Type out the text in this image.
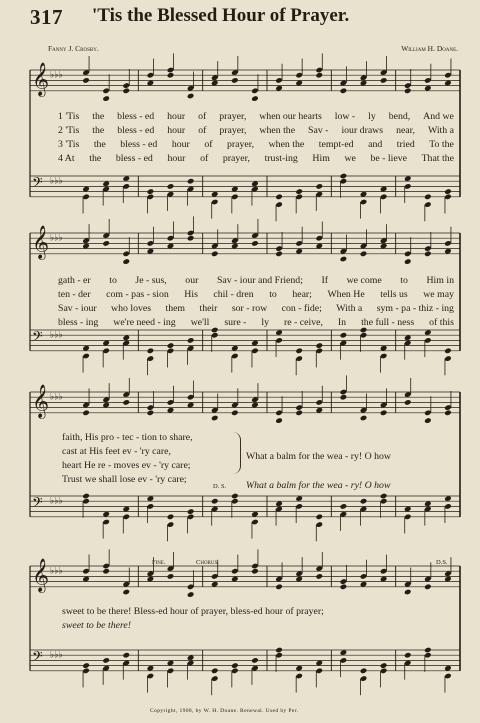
317 'Tis the Blessed Hour of Prayer.
Fanny J. Crosby.	William H. Doane.
𝄞 ♭♭♭
𝄢 ♭♭♭
𝄞 ♭♭♭
𝄢 ♭♭♭
𝄞 ♭♭♭
𝄢 ♭♭♭
𝄞 ♭♭♭
𝄢 ♭♭♭
1 'Tis the bless - ed hour of prayer, when our hearts low - ly bend, And we
2 'Tis the bless - ed hour of prayer, when the Sav - iour draws near, With a
3 'Tis the bless - ed hour of prayer, when the tempt-ed and tried To the
4 At the bless - ed hour of prayer, trust-ing Him we be - lieve That the
gath - er to Je - sus, our Sav - iour and Friend; If we come to Him in
ten - der com - pas - sion His chil - dren to hear; When He tells us we may
Sav - iour who loves them their sor - row con - fide; With a sym - pa - thiz - ing
bless - ing we're need - ing we'll sure - ly re - ceive, In the full - ness of this
faith, His pro - tec - tion to share,
cast at His feet ev - 'ry care,
heart He re - moves ev - 'ry care;
Trust we shall lose ev - 'ry care;
What a balm for the wea - ry! O how
D. S. What a balm for the wea - ry! O how
Fine.	Chorus.	D.S.
sweet to be there! Bless-ed hour of prayer, bless-ed hour of prayer;
sweet to be there!
Copyright, 1908, by W. H. Doane. Renewal. Used by Per.
